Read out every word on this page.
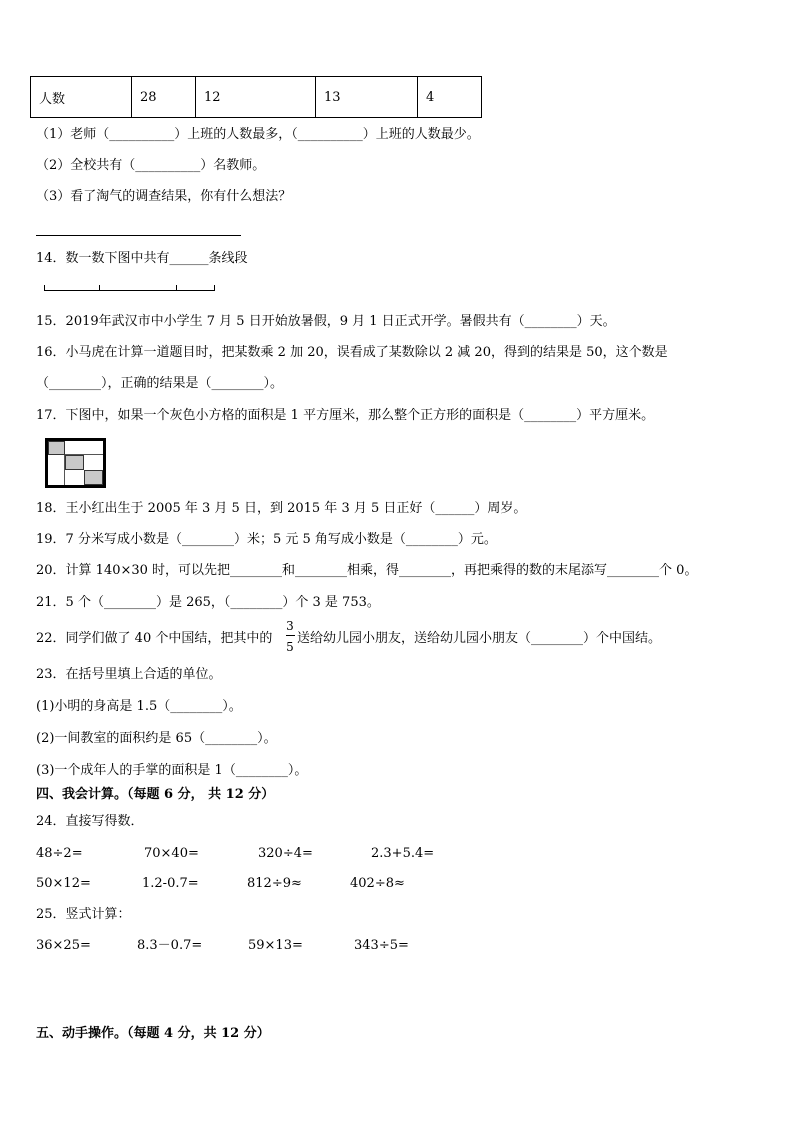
人数	28	12	13	4
（1）老师（__________）上班的人数最多，（__________）上班的人数最少。
（2）全校共有（__________）名教师。
（3）看了淘气的调查结果，你有什么想法？
14．数一数下图中共有______条线段
15．2019年武汉市中小学生 7 月 5 日开始放暑假，9 月 1 日正式开学。暑假共有（________）天。
16．小马虎在计算一道题目时，把某数乘 2 加 20，误看成了某数除以 2 减 20，得到的结果是 50，这个数是
（________），正确的结果是（________）。
17．下图中，如果一个灰色小方格的面积是 1 平方厘米，那么整个正方形的面积是（________）平方厘米。
18．王小红出生于 2005 年 3 月 5 日，到 2015 年 3 月 5 日正好（______）周岁。
19．7 分米写成小数是（________）米；5 元 5 角写成小数是（________）元。
20．计算 140×30 时，可以先把________和________相乘，得________，再把乘得的数的末尾添写________个 0。
21．5 个（________）是 265，（________）个 3 是 753。
22．同学们做了 40 个中国结，把其中的
3
5
送给幼儿园小朋友，送给幼儿园小朋友（________）个中国结。
23．在括号里填上合适的单位。
(1)小明的身高是 1.5（________）。
(2)一间教室的面积约是 65（________）。
(3)一个成年人的手掌的面积是 1（________）。
四、我会计算。（每题 6 分， 共 12 分）
24．直接写得数．
48÷2=	70×40=	320÷4=	2.3+5.4=
50×12=	1.2-0.7=	812÷9≈	402÷8≈
25．竖式计算：
36×25=	8.3－0.7=	59×13=	343÷5=
五、动手操作。（每题 4 分，共 12 分）
